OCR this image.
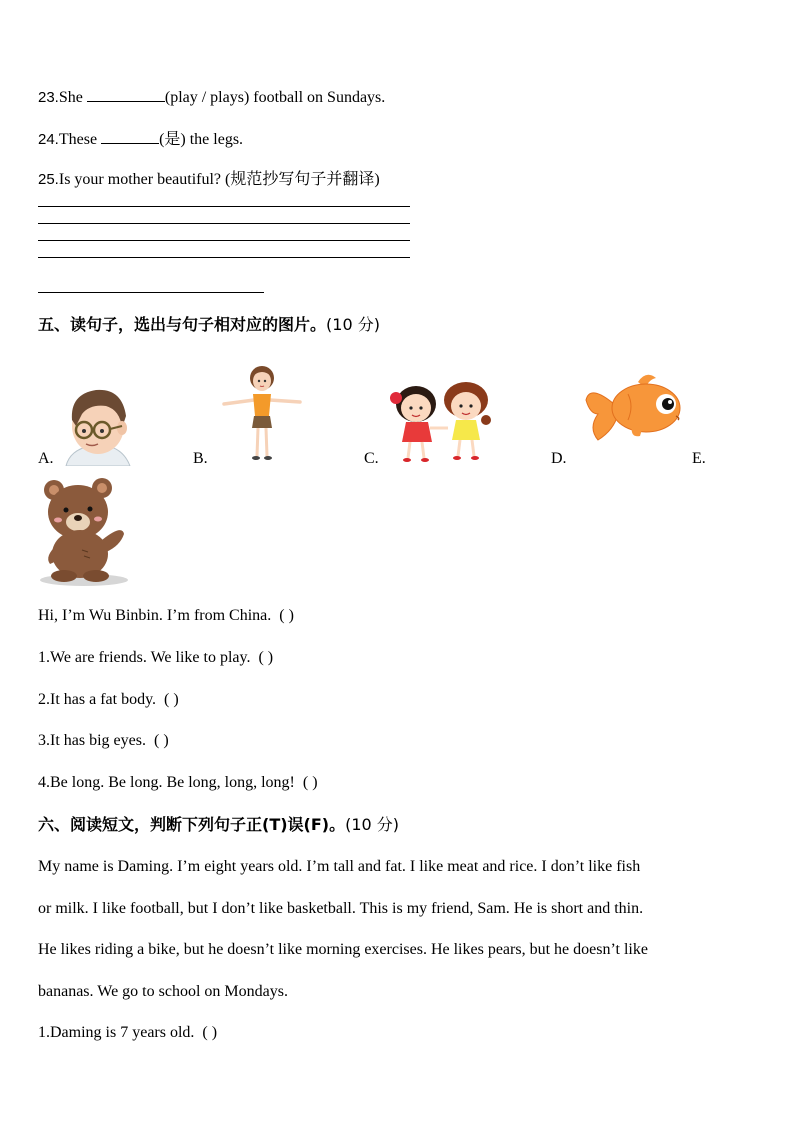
23.She	(play / plays) football on Sundays.
24.These	(是) the legs.
25.Is your mother beautiful? (规范抄写句子并翻译)
五、读句子，选出与句子相对应的图片。(10 分)
A.	B.	C.	D.	E.
Hi, I’m Wu Binbin. I’m from China. ( )
1.We are friends. We like to play. ( )
2.It has a fat body. ( )
3.It has big eyes. ( )
4.Be long. Be long. Be long, long, long! ( )
六、阅读短文，判断下列句子正(T)误(F)。(10 分)
My name is Daming. I’m eight years old. I’m tall and fat. I like meat and rice. I don’t like fish
or milk. I like football, but I don’t like basketball. This is my friend, Sam. He is short and thin.
He likes riding a bike, but he doesn’t like morning exercises. He likes pears, but he doesn’t like
bananas. We go to school on Mondays.
1.Daming is 7 years old. ( )
